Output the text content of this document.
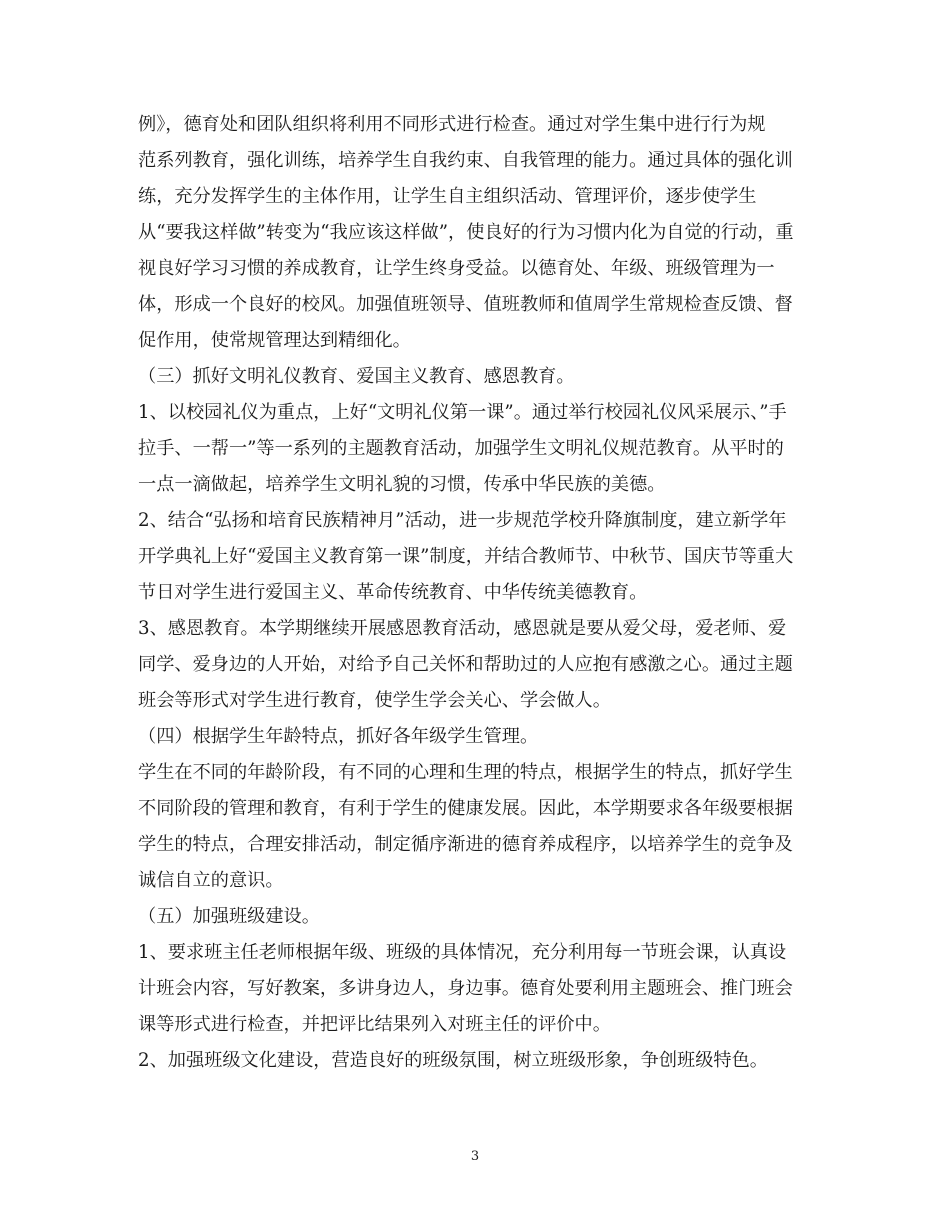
例》，德育处和团队组织将利用不同形式进行检查。通过对学生集中进行行为规
范系列教育，强化训练，培养学生自我约束、自我管理的能力。通过具体的强化训
练，充分发挥学生的主体作用，让学生自主组织活动、管理评价，逐步使学生
从“要我这样做”转变为“我应该这样做”，使良好的行为习惯内化为自觉的行动，重
视良好学习习惯的养成教育，让学生终身受益。以德育处、年级、班级管理为一
体，形成一个良好的校风。加强值班领导、值班教师和值周学生常规检查反馈、督
促作用，使常规管理达到精细化。
（三）抓好文明礼仪教育、爱国主义教育、感恩教育。
1、以校园礼仪为重点，上好“文明礼仪第一课”。通过举行校园礼仪风采展示、”手
拉手、一帮一”等一系列的主题教育活动，加强学生文明礼仪规范教育。从平时的
一点一滴做起，培养学生文明礼貌的习惯，传承中华民族的美德。
2、结合“弘扬和培育民族精神月”活动，进一步规范学校升降旗制度，建立新学年
开学典礼上好“爱国主义教育第一课”制度，并结合教师节、中秋节、国庆节等重大
节日对学生进行爱国主义、革命传统教育、中华传统美德教育。
3、感恩教育。本学期继续开展感恩教育活动，感恩就是要从爱父母，爱老师、爱
同学、爱身边的人开始，对给予自己关怀和帮助过的人应抱有感激之心。通过主题
班会等形式对学生进行教育，使学生学会关心、学会做人。
（四）根据学生年龄特点，抓好各年级学生管理。
学生在不同的年龄阶段，有不同的心理和生理的特点，根据学生的特点，抓好学生
不同阶段的管理和教育，有利于学生的健康发展。因此，本学期要求各年级要根据
学生的特点，合理安排活动，制定循序渐进的德育养成程序，以培养学生的竞争及
诚信自立的意识。
（五）加强班级建设。
1、要求班主任老师根据年级、班级的具体情况，充分利用每一节班会课，认真设
计班会内容，写好教案，多讲身边人，身边事。德育处要利用主题班会、推门班会
课等形式进行检查，并把评比结果列入对班主任的评价中。
2、加强班级文化建设，营造良好的班级氛围，树立班级形象，争创班级特色。
3
